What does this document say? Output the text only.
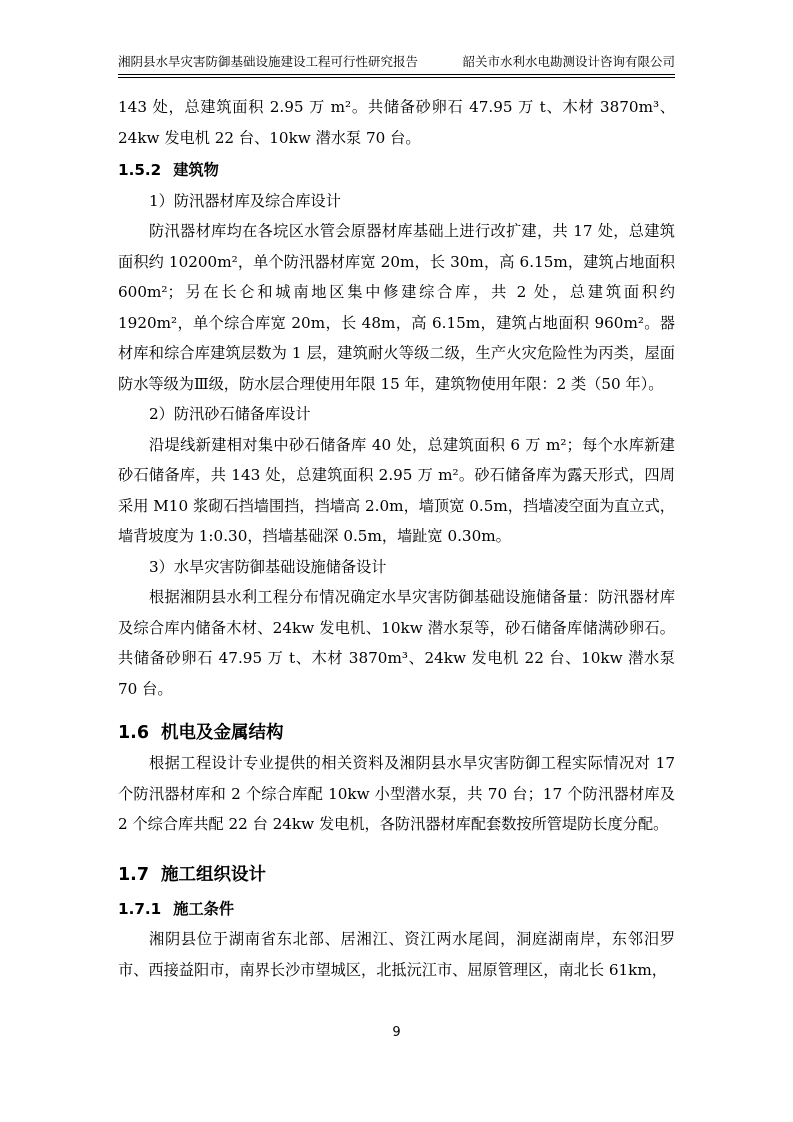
湘阴县水旱灾害防御基础设施建设工程可行性研究报告	韶关市水利水电勘测设计咨询有限公司

143 处，总建筑面积 2.95 万 m²。共储备砂卵石 47.95 万 t、木材 3870m³、24kw 发电机 22 台、10kw 潜水泵 70 台。

1.5.2 建筑物

1）防汛器材库及综合库设计

防汛器材库均在各垸区水管会原器材库基础上进行改扩建，共 17 处，总建筑面积约 10200m²，单个防汛器材库宽 20m，长 30m，高 6.15m，建筑占地面积 600m²；另在长仑和城南地区集中修建综合库，共 2 处，总建筑面积约 1920m²，单个综合库宽 20m，长 48m，高 6.15m，建筑占地面积 960m²。器材库和综合库建筑层数为 1 层，建筑耐火等级二级，生产火灾危险性为丙类，屋面防水等级为Ⅲ级，防水层合理使用年限 15 年，建筑物使用年限：2 类（50 年）。

2）防汛砂石储备库设计

沿堤线新建相对集中砂石储备库 40 处，总建筑面积 6 万 m²；每个水库新建砂石储备库，共 143 处，总建筑面积 2.95 万 m²。砂石储备库为露天形式，四周采用 M10 浆砌石挡墙围挡，挡墙高 2.0m，墙顶宽 0.5m，挡墙凌空面为直立式，墙背坡度为 1:0.30，挡墙基础深 0.5m，墙趾宽 0.30m。

3）水旱灾害防御基础设施储备设计

根据湘阴县水利工程分布情况确定水旱灾害防御基础设施储备量：防汛器材库及综合库内储备木材、24kw 发电机、10kw 潜水泵等，砂石储备库储满砂卵石。共储备砂卵石 47.95 万 t、木材 3870m³、24kw 发电机 22 台、10kw 潜水泵 70 台。

1.6 机电及金属结构

根据工程设计专业提供的相关资料及湘阴县水旱灾害防御工程实际情况对 17 个防汛器材库和 2 个综合库配 10kw 小型潜水泵，共 70 台；17 个防汛器材库及 2 个综合库共配 22 台 24kw 发电机，各防汛器材库配套数按所管堤防长度分配。

1.7 施工组织设计
1.7.1 施工条件

湘阴县位于湖南省东北部、居湘江、资江两水尾闾，洞庭湖南岸，东邻汨罗市、西接益阳市，南界长沙市望城区，北抵沅江市、屈原管理区，南北长 61km，

9
